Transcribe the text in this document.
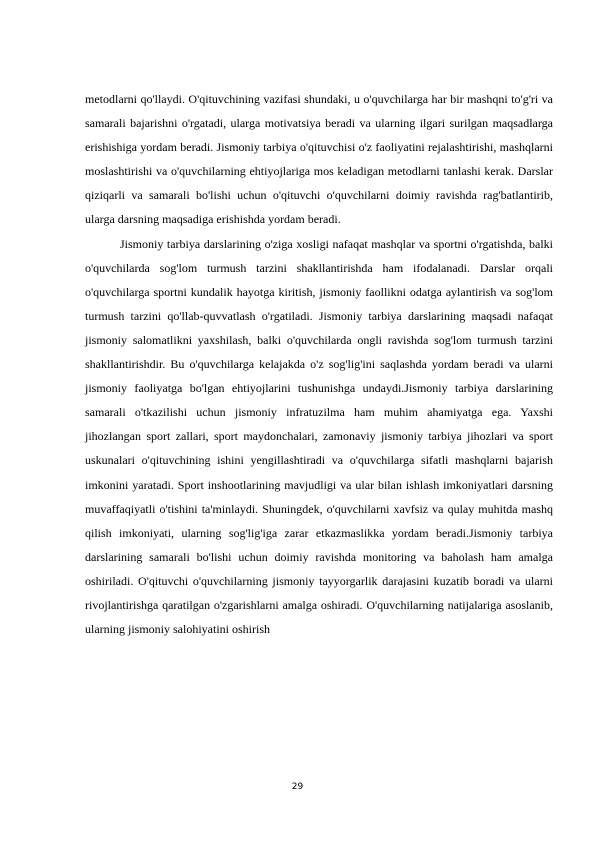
metodlarni qo'llaydi. O'qituvchining vazifasi shundaki, u o'quvchilarga har bir mashqni to'g'ri va samarali bajarishni o'rgatadi, ularga motivatsiya beradi va ularning ilgari surilgan maqsadlarga erishishiga yordam beradi. Jismoniy tarbiya o'qituvchisi o'z faoliyatini rejalashtirishi, mashqlarni moslashtirishi va o'quvchilarning ehtiyojlariga mos keladigan metodlarni tanlashi kerak. Darslar qiziqarli va samarali bo'lishi uchun o'qituvchi o'quvchilarni doimiy ravishda rag'batlantirib, ularga darsning maqsadiga erishishda yordam beradi.

Jismoniy tarbiya darslarining o'ziga xosligi nafaqat mashqlar va sportni o'rgatishda, balki o'quvchilarda sog'lom turmush tarzini shakllantirishda ham ifodalanadi. Darslar orqali o'quvchilarga sportni kundalik hayotga kiritish, jismoniy faollikni odatga aylantirish va sog'lom turmush tarzini qo'llab-quvvatlash o'rgatiladi. Jismoniy tarbiya darslarining maqsadi nafaqat jismoniy salomatlikni yaxshilash, balki o'quvchilarda ongli ravishda sog'lom turmush tarzini shakllantirishdir. Bu o'quvchilarga kelajakda o'z sog'lig'ini saqlashda yordam beradi va ularni jismoniy faoliyatga bo'lgan ehtiyojlarini tushunishga undaydi.Jismoniy tarbiya darslarining samarali o'tkazilishi uchun jismoniy infratuzilma ham muhim ahamiyatga ega. Yaxshi jihozlangan sport zallari, sport maydonchalari, zamonaviy jismoniy tarbiya jihozlari va sport uskunalari o'qituvchining ishini yengillashtiradi va o'quvchilarga sifatli mashqlarni bajarish imkonini yaratadi. Sport inshootlarining mavjudligi va ular bilan ishlash imkoniyatlari darsning muvaffaqiyatli o'tishini ta'minlaydi. Shuningdek, o'quvchilarni xavfsiz va qulay muhitda mashq qilish imkoniyati, ularning sog'lig'iga zarar etkazmaslikka yordam beradi.Jismoniy tarbiya darslarining samarali bo'lishi uchun doimiy ravishda monitoring va baholash ham amalga oshiriladi. O'qituvchi o'quvchilarning jismoniy tayyorgarlik darajasini kuzatib boradi va ularni rivojlantirishga qaratilgan o'zgarishlarni amalga oshiradi. O'quvchilarning natijalariga asoslanib, ularning jismoniy salohiyatini oshirish

29
